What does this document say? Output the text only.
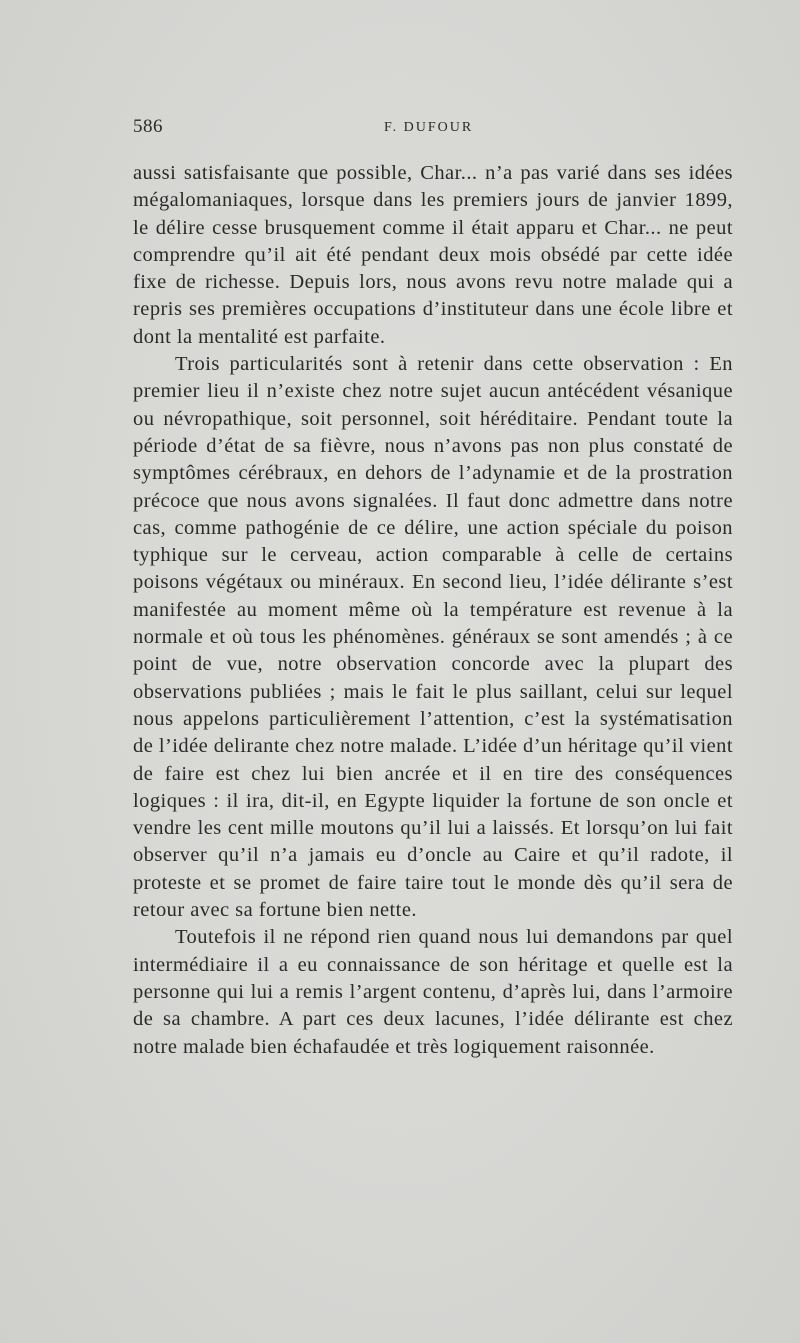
586	F. DUFOUR

aussi satisfaisante que possible, Char... n’a pas varié dans ses idées mégalomaniaques, lorsque dans les premiers jours de janvier 1899, le délire cesse brusquement comme il était apparu et Char... ne peut comprendre qu’il ait été pendant deux mois obsédé par cette idée fixe de richesse. Depuis lors, nous avons revu notre malade qui a repris ses premières occupations d’instituteur dans une école libre et dont la mentalité est parfaite.

Trois particularités sont à retenir dans cette observation : En premier lieu il n’existe chez notre sujet aucun antécédent vésanique ou névropathique, soit personnel, soit héréditaire. Pendant toute la période d’état de sa fièvre, nous n’avons pas non plus constaté de symptômes cérébraux, en dehors de l’adynamie et de la prostration précoce que nous avons signalées. Il faut donc admettre dans notre cas, comme pathogénie de ce délire, une action spéciale du poison typhique sur le cerveau, action comparable à celle de certains poisons végétaux ou minéraux. En second lieu, l’idée délirante s’est manifestée au moment même où la température est revenue à la normale et où tous les phénomènes. généraux se sont amendés ; à ce point de vue, notre observation concorde avec la plupart des observations publiées ; mais le fait le plus saillant, celui sur lequel nous appelons particulièrement l’attention, c’est la systématisation de l’idée delirante chez notre malade. L’idée d’un héritage qu’il vient de faire est chez lui bien ancrée et il en tire des conséquences logiques : il ira, dit-il, en Egypte liquider la fortune de son oncle et vendre les cent mille moutons qu’il lui a laissés. Et lorsqu’on lui fait observer qu’il n’a jamais eu d’oncle au Caire et qu’il radote, il proteste et se promet de faire taire tout le monde dès qu’il sera de retour avec sa fortune bien nette.

Toutefois il ne répond rien quand nous lui demandons par quel intermédiaire il a eu connaissance de son héritage et quelle est la personne qui lui a remis l’argent contenu, d’après lui, dans l’armoire de sa chambre. A part ces deux lacunes, l’idée délirante est chez notre malade bien échafaudée et très logiquement raisonnée.
